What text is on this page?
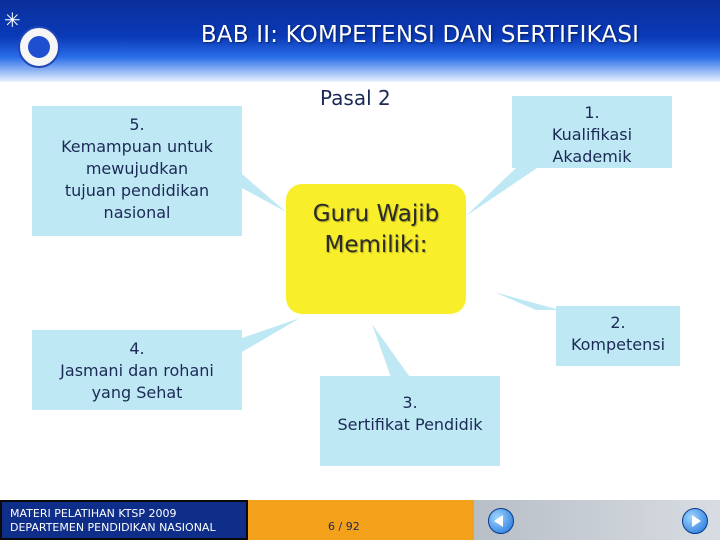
✳
BAB II: KOMPETENSI DAN SERTIFIKASI
5.
Kemampuan untuk
mewujudkan
tujuan pendidikan
nasional
4.
Jasmani dan rohani
yang Sehat
1.
Kualifikasi
Akademik
2.
Kompetensi
3.
Sertifikat Pendidik
Pasal 2
Guru Wajib
Memiliki:
MATERI PELATIHAN KTSP 2009
DEPARTEMEN PENDIDIKAN NASIONAL	6 / 92
